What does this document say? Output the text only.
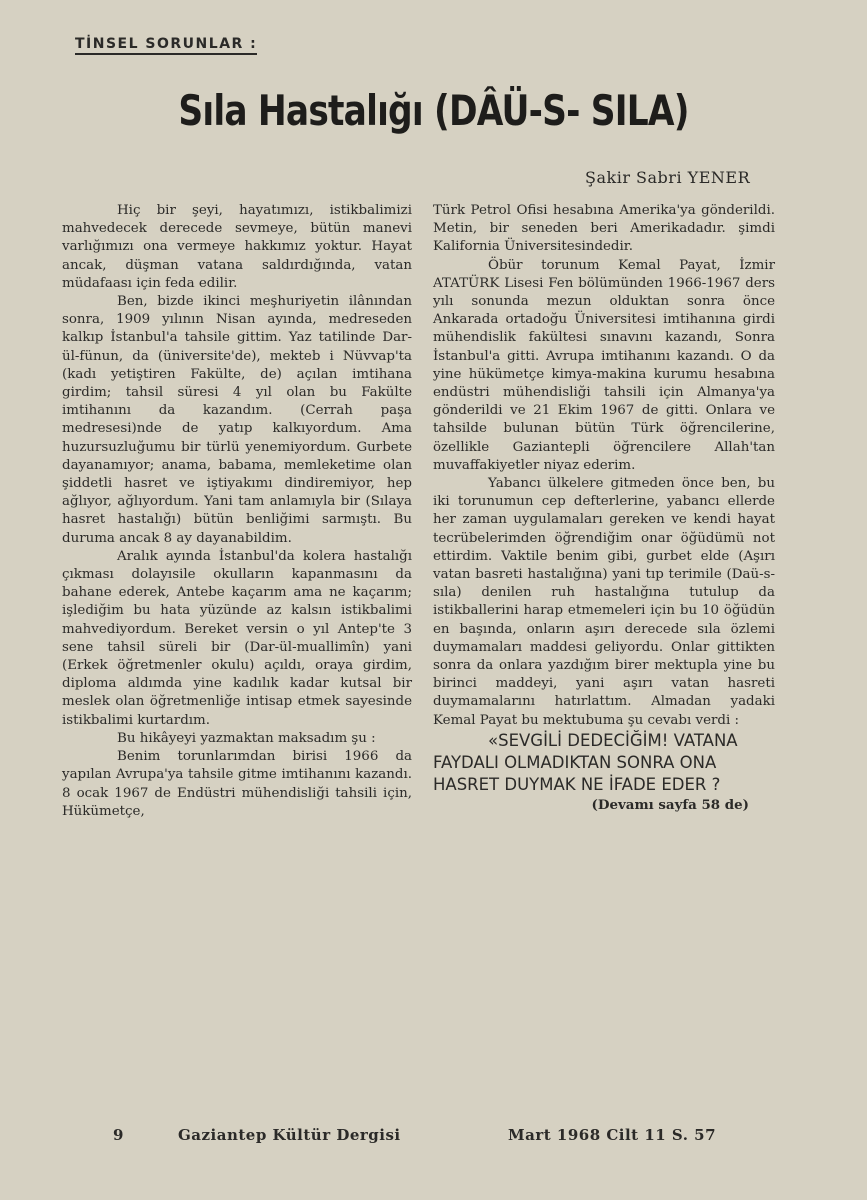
TİNSEL SORUNLAR :
Sıla Hastalığı (DÂÜ-S- SILA)
Şakir Sabri YENER

Hiç bir şeyi, hayatımızı, istikbalimizi mahvedecek derecede sevmeye, bütün manevi varlığımızı ona vermeye hakkımız yoktur. Hayat ancak, düşman vatana saldırdığında, vatan müdafaası için feda edilir.

Ben, bizde ikinci meşhuriyetin ilânından sonra, 1909 yılının Nisan ayında, medreseden kalkıp İstanbul'a tahsile gittim. Yaz tatilinde Dar-ül-fünun, da (üniversite'de), mekteb i Nüvvap'ta (kadı yetiştiren Fakülte, de) açılan imtihana girdim; tahsil süresi 4 yıl olan bu Fakülte imtihanını da kazandım. (Cerrah paşa medresesi)nde de yatıp kalkıyordum. Ama huzursuzluğumu bir türlü yenemiyordum. Gurbete dayanamıyor; anama, babama, memleketime olan şiddetli hasret ve iştiyakımı dindiremiyor, hep ağlıyor, ağlıyordum. Yani tam anlamıyla bir (Sılaya hasret hastalığı) bütün benliğimi sarmıştı. Bu duruma ancak 8 ay dayanabildim.

Aralık ayında İstanbul'da kolera hastalığı çıkması dolayısile okulların kapanmasını da bahane ederek, Antebe kaçarım ama ne kaçarım; işlediğim bu hata yüzünde az kalsın istikbalimi mahvediyordum. Bereket versin o yıl Antep'te 3 sene tahsil süreli bir (Dar-ül-muallimîn) yani (Erkek öğretmenler okulu) açıldı, oraya girdim, diploma aldımda yine kadılık kadar kutsal bir meslek olan öğretmenliğe intisap etmek sayesinde istikbalimi kurtardım.

Bu hikâyeyi yazmaktan maksadım şu :

Benim torunlarımdan birisi 1966 da yapılan Avrupa'ya tahsile gitme imtihanını kazandı. 8 ocak 1967 de Endüstri mühendisliği tahsili için, Hükümetçe,

Türk Petrol Ofisi hesabına Amerika'ya gönderildi. Metin, bir seneden beri Amerikadadır. şimdi Kalifornia Üniversitesindedir.

Öbür torunum Kemal Payat, İzmir ATATÜRK Lisesi Fen bölümünden 1966-1967 ders yılı sonunda mezun olduktan sonra önce Ankarada ortadoğu Üniversitesi imtihanına girdi mühendislik fakültesi sınavını kazandı, Sonra İstanbul'a gitti. Avrupa imtihanını kazandı. O da yine hükümetçe kimya-makina kurumu hesabına endüstri mühendisliği tahsili için Almanya'ya gönderildi ve 21 Ekim 1967 de gitti. Onlara ve tahsilde bulunan bütün Türk öğrencilerine, özellikle Gaziantepli öğrencilere Allah'tan muvaffakiyetler niyaz ederim.

Yabancı ülkelere gitmeden önce ben, bu iki torunumun cep defterlerine, yabancı ellerde her zaman uygulamaları gereken ve kendi hayat tecrübelerimden öğrendiğim onar öğüdümü not ettirdim. Vaktile benim gibi, gurbet elde (Aşırı vatan basreti hastalığına) yani tıp terimile (Daü-s-sıla) denilen ruh hastalığına tutulup da istikballerini harap etmemeleri için bu 10 öğüdün en başında, onların aşırı derecede sıla özlemi duymamaları maddesi geliyordu. Onlar gittikten sonra da onlara yazdığım birer mektupla yine bu birinci maddeyi, yani aşırı vatan hasreti duymamalarını hatırlattım. Almadan yadaki Kemal Payat bu mektubuma şu cevabı verdi :

«SEVGİLİ DEDECİĞİM! VATANA FAYDALI OLMADIKTAN SONRA ONA HASRET DUYMAK NE İFADE EDER ?

(Devamı sayfa 58 de)

9	Gaziantep Kültür Dergisi	Mart 1968 Cilt 11 S. 57
